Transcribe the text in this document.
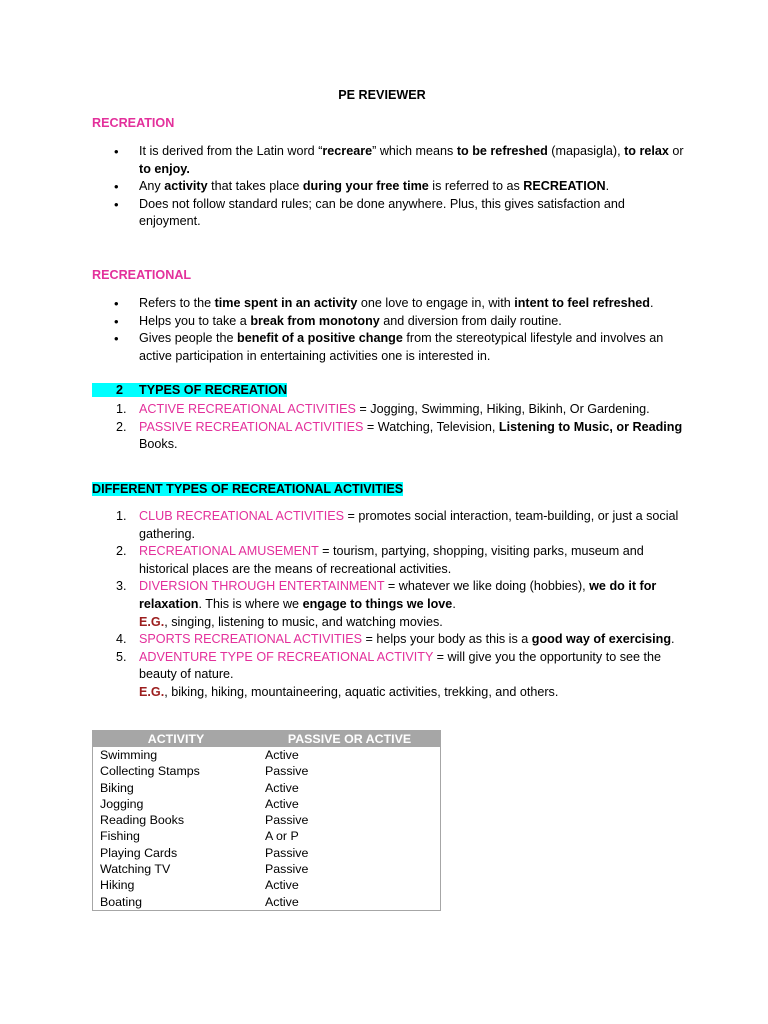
PE REVIEWER
RECREATION
• It is derived from the Latin word “recreare” which means to be refreshed (mapasigla), to relax or to enjoy.
• Any activity that takes place during your free time is referred to as RECREATION.
• Does not follow standard rules; can be done anywhere. Plus, this gives satisfaction and enjoyment.
RECREATIONAL
• Refers to the time spent in an activity one love to engage in, with intent to feel refreshed.
• Helps you to take a break from monotony and diversion from daily routine.
• Gives people the benefit of a positive change from the stereotypical lifestyle and involves an active participation in entertaining activities one is interested in.
2 TYPES OF RECREATION
1. ACTIVE RECREATIONAL ACTIVITIES = Jogging, Swimming, Hiking, Bikinh, Or Gardening.
2. PASSIVE RECREATIONAL ACTIVITIES = Watching, Television, Listening to Music, or Reading Books.
DIFFERENT TYPES OF RECREATIONAL ACTIVITIES
1. CLUB RECREATIONAL ACTIVITIES = promotes social interaction, team-building, or just a social gathering.
2. RECREATIONAL AMUSEMENT = tourism, partying, shopping, visiting parks, museum and historical places are the means of recreational activities.
3. DIVERSION THROUGH ENTERTAINMENT = whatever we like doing (hobbies), we do it for relaxation. This is where we engage to things we love.
E.G., singing, listening to music, and watching movies.
4. SPORTS RECREATIONAL ACTIVITIES = helps your body as this is a good way of exercising.
5. ADVENTURE TYPE OF RECREATIONAL ACTIVITY = will give you the opportunity to see the beauty of nature.
E.G., biking, hiking, mountaineering, aquatic activities, trekking, and others.
ACTIVITY	PASSIVE OR ACTIVE
Swimming	Active
Collecting Stamps	Passive
Biking	Active
Jogging	Active
Reading Books	Passive
Fishing	A or P
Playing Cards	Passive
Watching TV	Passive
Hiking	Active
Boating	Active
